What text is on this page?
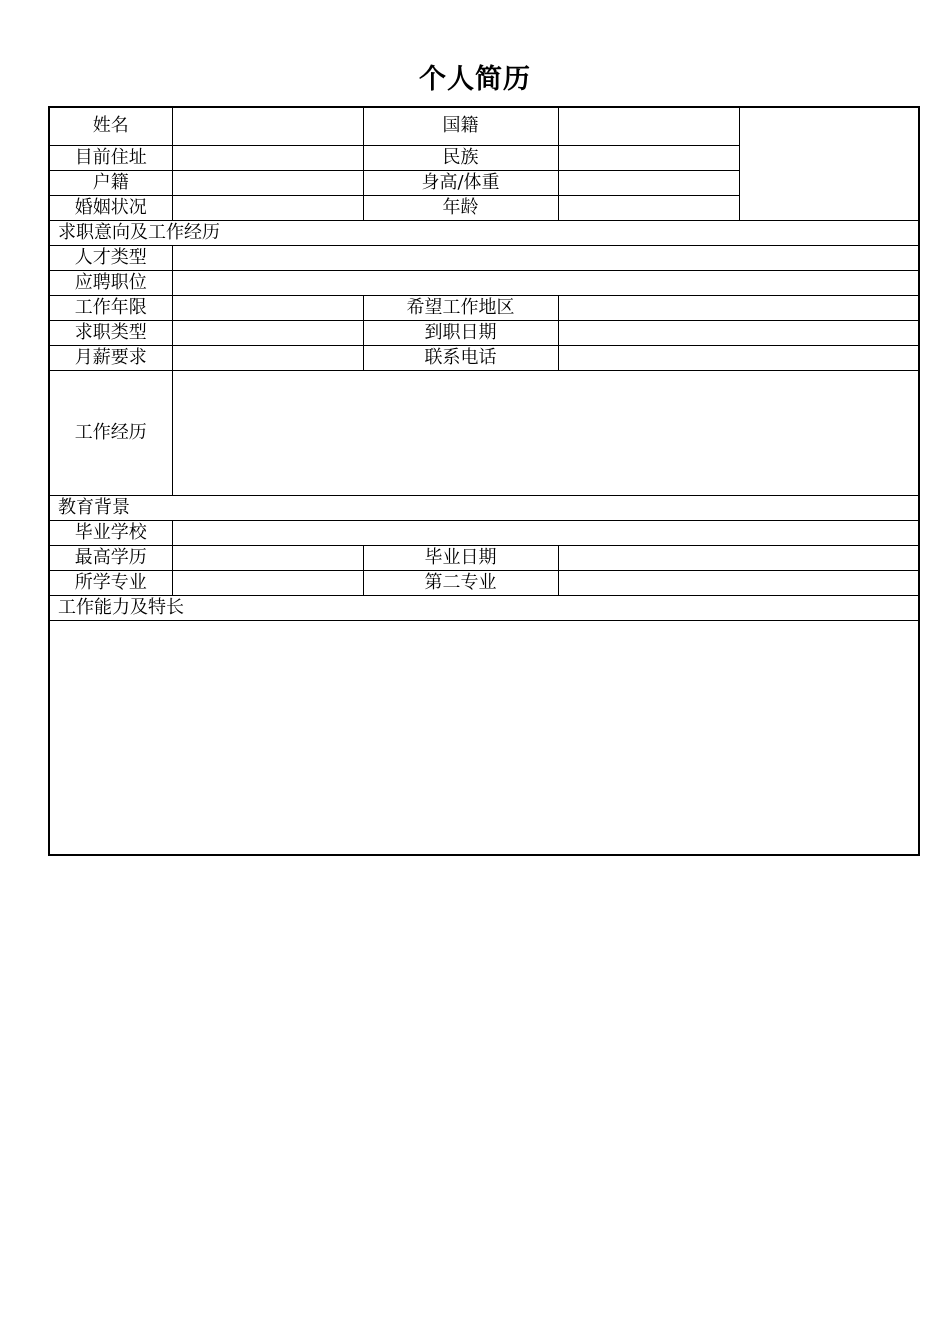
个人简历
姓名		国籍		
目前住址		民族		
户籍		身高/体重		
婚姻状况		年龄		
求职意向及工作经历				
人才类型				
应聘职位				
工作年限		希望工作地区		
求职类型		到职日期		
月薪要求		联系电话		
工作经历				
教育背景				
毕业学校				
最高学历		毕业日期		
所学专业		第二专业		
工作能力及特长				
